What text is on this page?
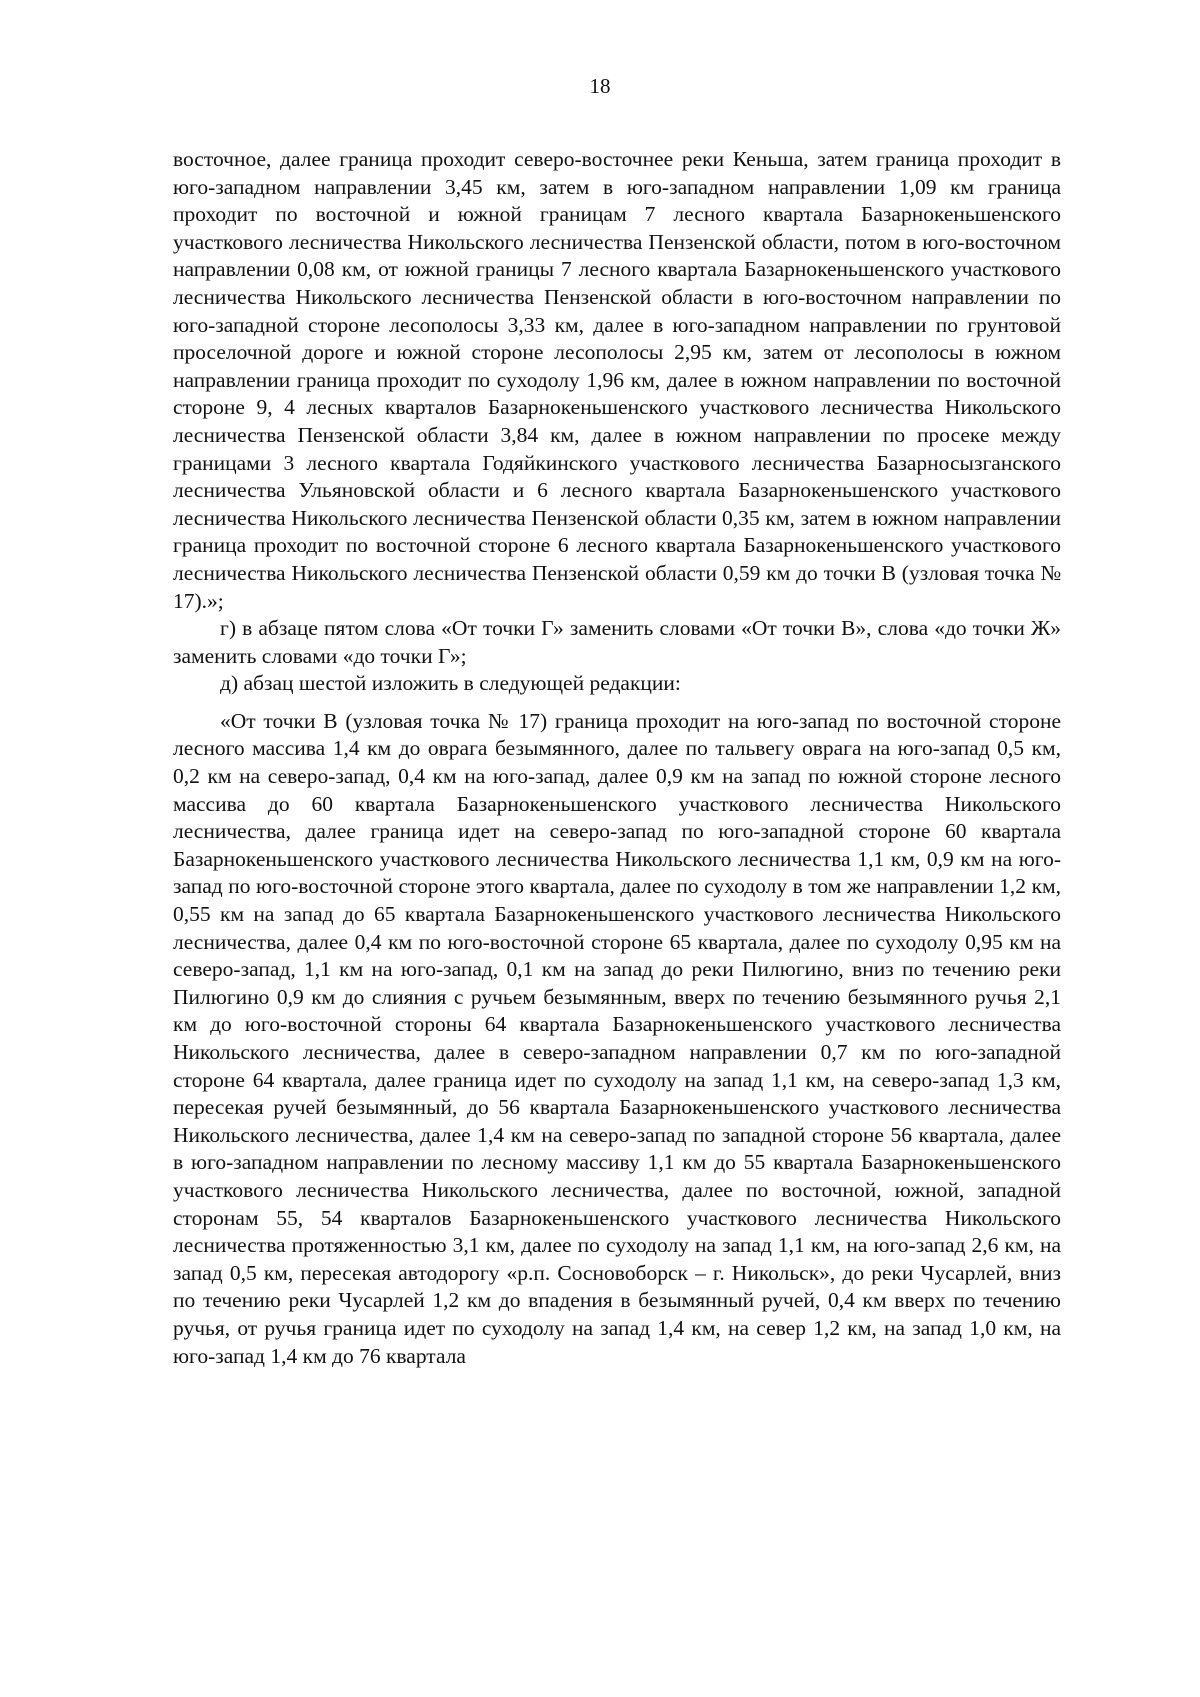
18

восточное, далее граница проходит северо-восточнее реки Кеньша, затем граница проходит в юго-западном направлении 3,45 км, затем в юго-западном направлении 1,09 км граница проходит по восточной и южной границам 7 лесного квартала Базарнокеньшенского участкового лесничества Никольского лесничества Пензенской области, потом в юго-восточном направлении 0,08 км, от южной границы 7 лесного квартала Базарнокеньшенского участкового лесничества Никольского лесничества Пензенской области в юго-восточном направлении по юго-западной стороне лесополосы 3,33 км, далее в юго-западном направлении по грунтовой проселочной дороге и южной стороне лесополосы 2,95 км, затем от лесополосы в южном направлении граница проходит по суходолу 1,96 км, далее в южном направлении по восточной стороне 9, 4 лесных кварталов Базарнокеньшенского участкового лесничества Никольского лесничества Пензенской области 3,84 км, далее в южном направлении по просеке между границами 3 лесного квартала Годяйкинского участкового лесничества Базарносызганского лесничества Ульяновской области и 6 лесного квартала Базарнокеньшенского участкового лесничества Никольского лесничества Пензенской области 0,35 км, затем в южном направлении граница проходит по восточной стороне 6 лесного квартала Базарнокеньшенского участкового лесничества Никольского лесничества Пензенской области 0,59 км до точки В (узловая точка № 17).»;

г) в абзаце пятом слова «От точки Г» заменить словами «От точки В», слова «до точки Ж» заменить словами «до точки Г»;

д) абзац шестой изложить в следующей редакции:

«От точки В (узловая точка № 17) граница проходит на юго-запад по восточной стороне лесного массива 1,4 км до оврага безымянного, далее по тальвегу оврага на юго-запад 0,5 км, 0,2 км на северо-запад, 0,4 км на юго-запад, далее 0,9 км на запад по южной стороне лесного массива до 60 квартала Базарнокеньшенского участкового лесничества Никольского лесничества, далее граница идет на северо-запад по юго-западной стороне 60 квартала Базарнокеньшенского участкового лесничества Никольского лесничества 1,1 км, 0,9 км на юго-запад по юго-восточной стороне этого квартала, далее по суходолу в том же направлении 1,2 км, 0,55 км на запад до 65 квартала Базарнокеньшенского участкового лесничества Никольского лесничества, далее 0,4 км по юго-восточной стороне 65 квартала, далее по суходолу 0,95 км на северо-запад, 1,1 км на юго-запад, 0,1 км на запад до реки Пилюгино, вниз по течению реки Пилюгино 0,9 км до слияния с ручьем безымянным, вверх по течению безымянного ручья 2,1 км до юго-восточной стороны 64 квартала Базарнокеньшенского участкового лесничества Никольского лесничества, далее в северо-западном направлении 0,7 км по юго-западной стороне 64 квартала, далее граница идет по суходолу на запад 1,1 км, на северо-запад 1,3 км, пересекая ручей безымянный, до 56 квартала Базарнокеньшенского участкового лесничества Никольского лесничества, далее 1,4 км на северо-запад по западной стороне 56 квартала, далее в юго-западном направлении по лесному массиву 1,1 км до 55 квартала Базарнокеньшенского участкового лесничества Никольского лесничества, далее по восточной, южной, западной сторонам 55, 54 кварталов Базарнокеньшенского участкового лесничества Никольского лесничества протяженностью 3,1 км, далее по суходолу на запад 1,1 км, на юго-запад 2,6 км, на запад 0,5 км, пересекая автодорогу «р.п. Сосновоборск – г. Никольск», до реки Чусарлей, вниз по течению реки Чусарлей 1,2 км до впадения в безымянный ручей, 0,4 км вверх по течению ручья, от ручья граница идет по суходолу на запад 1,4 км, на север 1,2 км, на запад 1,0 км, на юго-запад 1,4 км до 76 квартала
